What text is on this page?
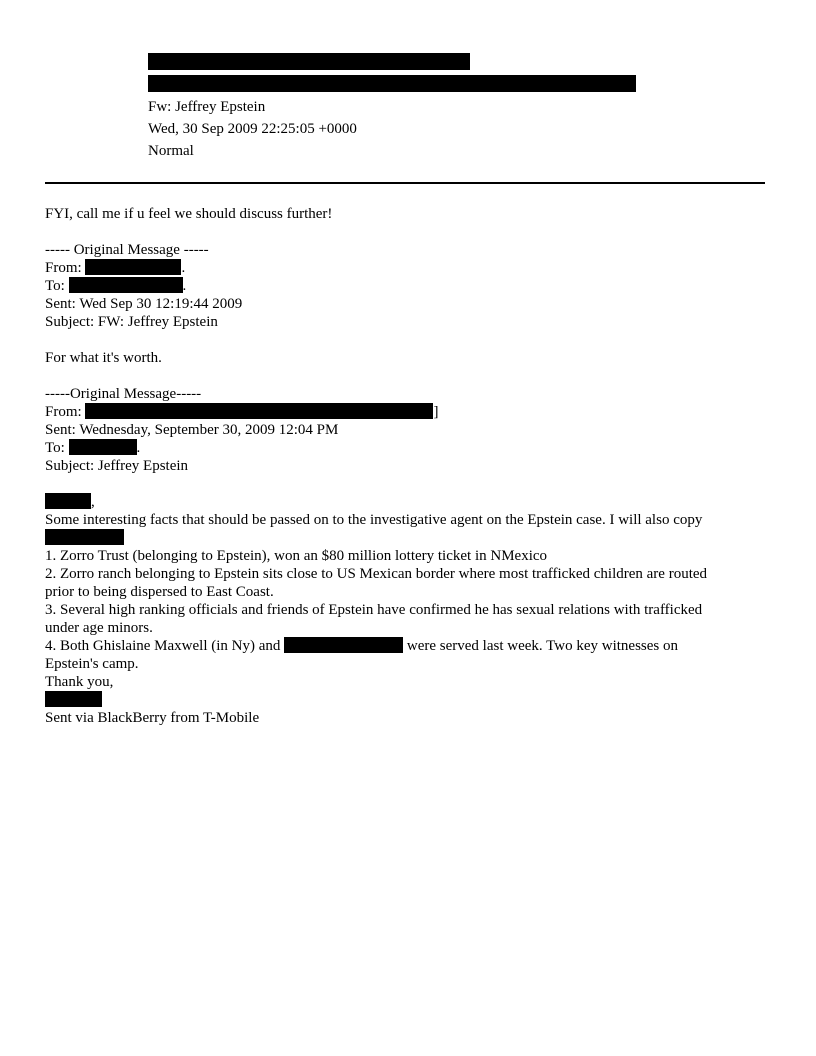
Fw: Jeffrey Epstein
Wed, 30 Sep 2009 22:25:05 +0000
Normal
FYI, call me if u feel we should discuss further!
----- Original Message -----
From:	.
To:	.
Sent: Wed Sep 30 12:19:44 2009
Subject: FW: Jeffrey Epstein
For what it's worth.
-----Original Message-----
From:	]
Sent: Wednesday, September 30, 2009 12:04 PM
To:	.
Subject: Jeffrey Epstein
,
Some interesting facts that should be passed on to the investigative agent on the Epstein case. I will also copy
1. Zorro Trust (belonging to Epstein), won an $80 million lottery ticket in NMexico
2. Zorro ranch belonging to Epstein sits close to US Mexican border where most trafficked children are routed
prior to being dispersed to East Coast.
3. Several high ranking officials and friends of Epstein have confirmed he has sexual relations with trafficked
under age minors.
4. Both Ghislaine Maxwell (in Ny) and	were served last week. Two key witnesses on
Epstein's camp.
Thank you,
Sent via BlackBerry from T-Mobile
